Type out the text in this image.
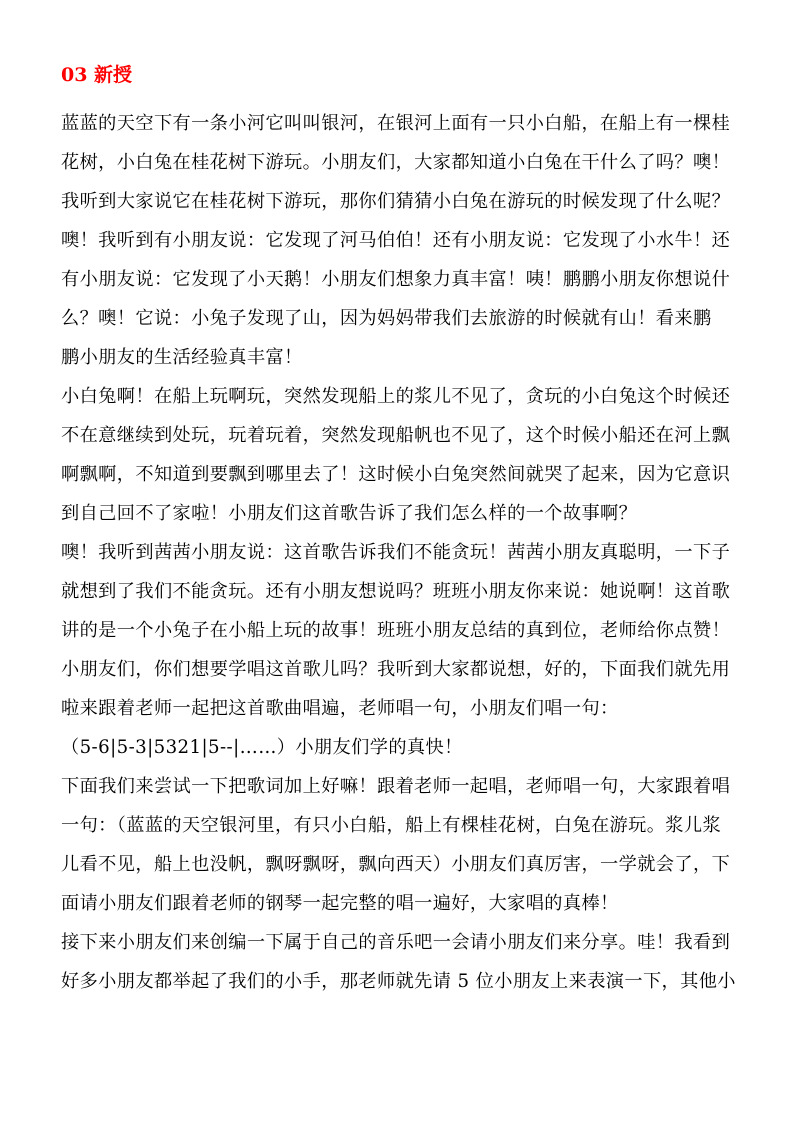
03 新授
蓝蓝的天空下有一条小河它叫叫银河，在银河上面有一只小白船，在船上有一棵桂
花树，小白兔在桂花树下游玩。小朋友们，大家都知道小白兔在干什么了吗？噢！
我听到大家说它在桂花树下游玩，那你们猜猜小白兔在游玩的时候发现了什么呢？
噢！我听到有小朋友说：它发现了河马伯伯！还有小朋友说：它发现了小水牛！还
有小朋友说：它发现了小天鹅！小朋友们想象力真丰富！咦！鹏鹏小朋友你想说什
么？噢！它说：小兔子发现了山，因为妈妈带我们去旅游的时候就有山！看来鹏
鹏小朋友的生活经验真丰富！
小白兔啊！在船上玩啊玩，突然发现船上的浆儿不见了，贪玩的小白兔这个时候还
不在意继续到处玩，玩着玩着，突然发现船帆也不见了，这个时候小船还在河上飘
啊飘啊，不知道到要飘到哪里去了！这时候小白兔突然间就哭了起来，因为它意识
到自己回不了家啦！小朋友们这首歌告诉了我们怎么样的一个故事啊？
噢！我听到茜茜小朋友说：这首歌告诉我们不能贪玩！茜茜小朋友真聪明，一下子
就想到了我们不能贪玩。还有小朋友想说吗？班班小朋友你来说：她说啊！这首歌
讲的是一个小兔子在小船上玩的故事！班班小朋友总结的真到位，老师给你点赞！
小朋友们，你们想要学唱这首歌儿吗？我听到大家都说想，好的，下面我们就先用
啦来跟着老师一起把这首歌曲唱遍，老师唱一句，小朋友们唱一句：
（5-6|5-3|5321|5--|……）小朋友们学的真快！
下面我们来尝试一下把歌词加上好嘛！跟着老师一起唱，老师唱一句，大家跟着唱
一句：（蓝蓝的天空银河里，有只小白船，船上有棵桂花树，白兔在游玩。浆儿浆
儿看不见，船上也没帆，飘呀飘呀，飘向西天）小朋友们真厉害，一学就会了，下
面请小朋友们跟着老师的钢琴一起完整的唱一遍好，大家唱的真棒！
接下来小朋友们来创编一下属于自己的音乐吧一会请小朋友们来分享。哇！我看到
好多小朋友都举起了我们的小手，那老师就先请 5 位小朋友上来表演一下，其他小
